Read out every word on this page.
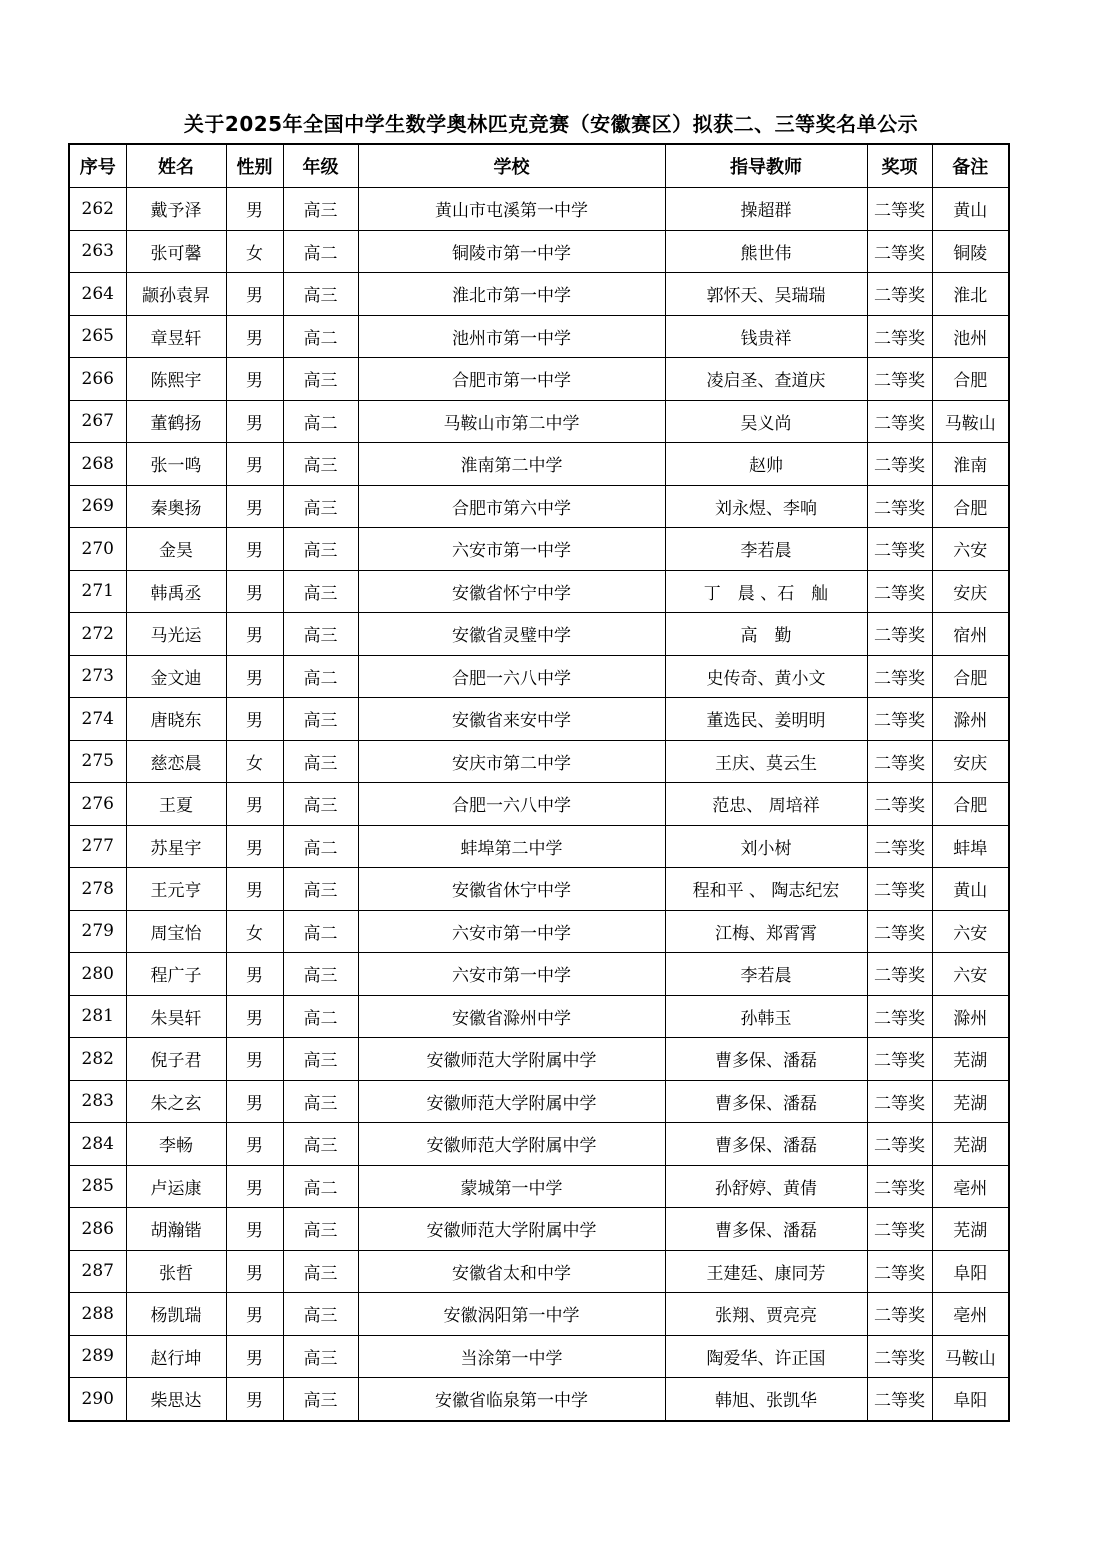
关于2025年全国中学生数学奥林匹克竞赛（安徽赛区）拟获二、三等奖名单公示
序号	姓名	性别	年级	学校	指导教师	奖项	备注
262	戴予泽	男	高三	黄山市屯溪第一中学	操超群	二等奖	黄山
263	张可馨	女	高二	铜陵市第一中学	熊世伟	二等奖	铜陵
264	颛孙袁昇	男	高三	淮北市第一中学	郭怀天、吴瑞瑞	二等奖	淮北
265	章昱轩	男	高二	池州市第一中学	钱贵祥	二等奖	池州
266	陈熙宇	男	高三	合肥市第一中学	凌启圣、查道庆	二等奖	合肥
267	董鹤扬	男	高二	马鞍山市第二中学	吴义尚	二等奖	马鞍山
268	张一鸣	男	高三	淮南第二中学	赵帅	二等奖	淮南
269	秦奥扬	男	高三	合肥市第六中学	刘永煜、李响	二等奖	合肥
270	金昊	男	高三	六安市第一中学	李若晨	二等奖	六安
271	韩禹丞	男	高三	安徽省怀宁中学	丁　晨 、石　舢	二等奖	安庆
272	马光运	男	高三	安徽省灵璧中学	高　勤	二等奖	宿州
273	金文迪	男	高二	合肥一六八中学	史传奇、黄小文	二等奖	合肥
274	唐晓东	男	高三	安徽省来安中学	董选民、姜明明	二等奖	滁州
275	慈恋晨	女	高三	安庆市第二中学	王庆、莫云生	二等奖	安庆
276	王夏	男	高三	合肥一六八中学	范忠、 周培祥	二等奖	合肥
277	苏星宇	男	高二	蚌埠第二中学	刘小树	二等奖	蚌埠
278	王元亨	男	高三	安徽省休宁中学	程和平 、 陶志纪宏	二等奖	黄山
279	周宝怡	女	高二	六安市第一中学	江梅、郑霄霄	二等奖	六安
280	程广子	男	高三	六安市第一中学	李若晨	二等奖	六安
281	朱昊轩	男	高二	安徽省滁州中学	孙韩玉	二等奖	滁州
282	倪子君	男	高三	安徽师范大学附属中学	曹多保、潘磊	二等奖	芜湖
283	朱之玄	男	高三	安徽师范大学附属中学	曹多保、潘磊	二等奖	芜湖
284	李畅	男	高三	安徽师范大学附属中学	曹多保、潘磊	二等奖	芜湖
285	卢运康	男	高二	蒙城第一中学	孙舒婷、黄倩	二等奖	亳州
286	胡瀚锴	男	高三	安徽师范大学附属中学	曹多保、潘磊	二等奖	芜湖
287	张哲	男	高三	安徽省太和中学	王建廷、康同芳	二等奖	阜阳
288	杨凯瑞	男	高三	安徽涡阳第一中学	张翔、贾亮亮	二等奖	亳州
289	赵行坤	男	高三	当涂第一中学	陶爱华、许正国	二等奖	马鞍山
290	柴思达	男	高三	安徽省临泉第一中学	韩旭、张凯华	二等奖	阜阳
